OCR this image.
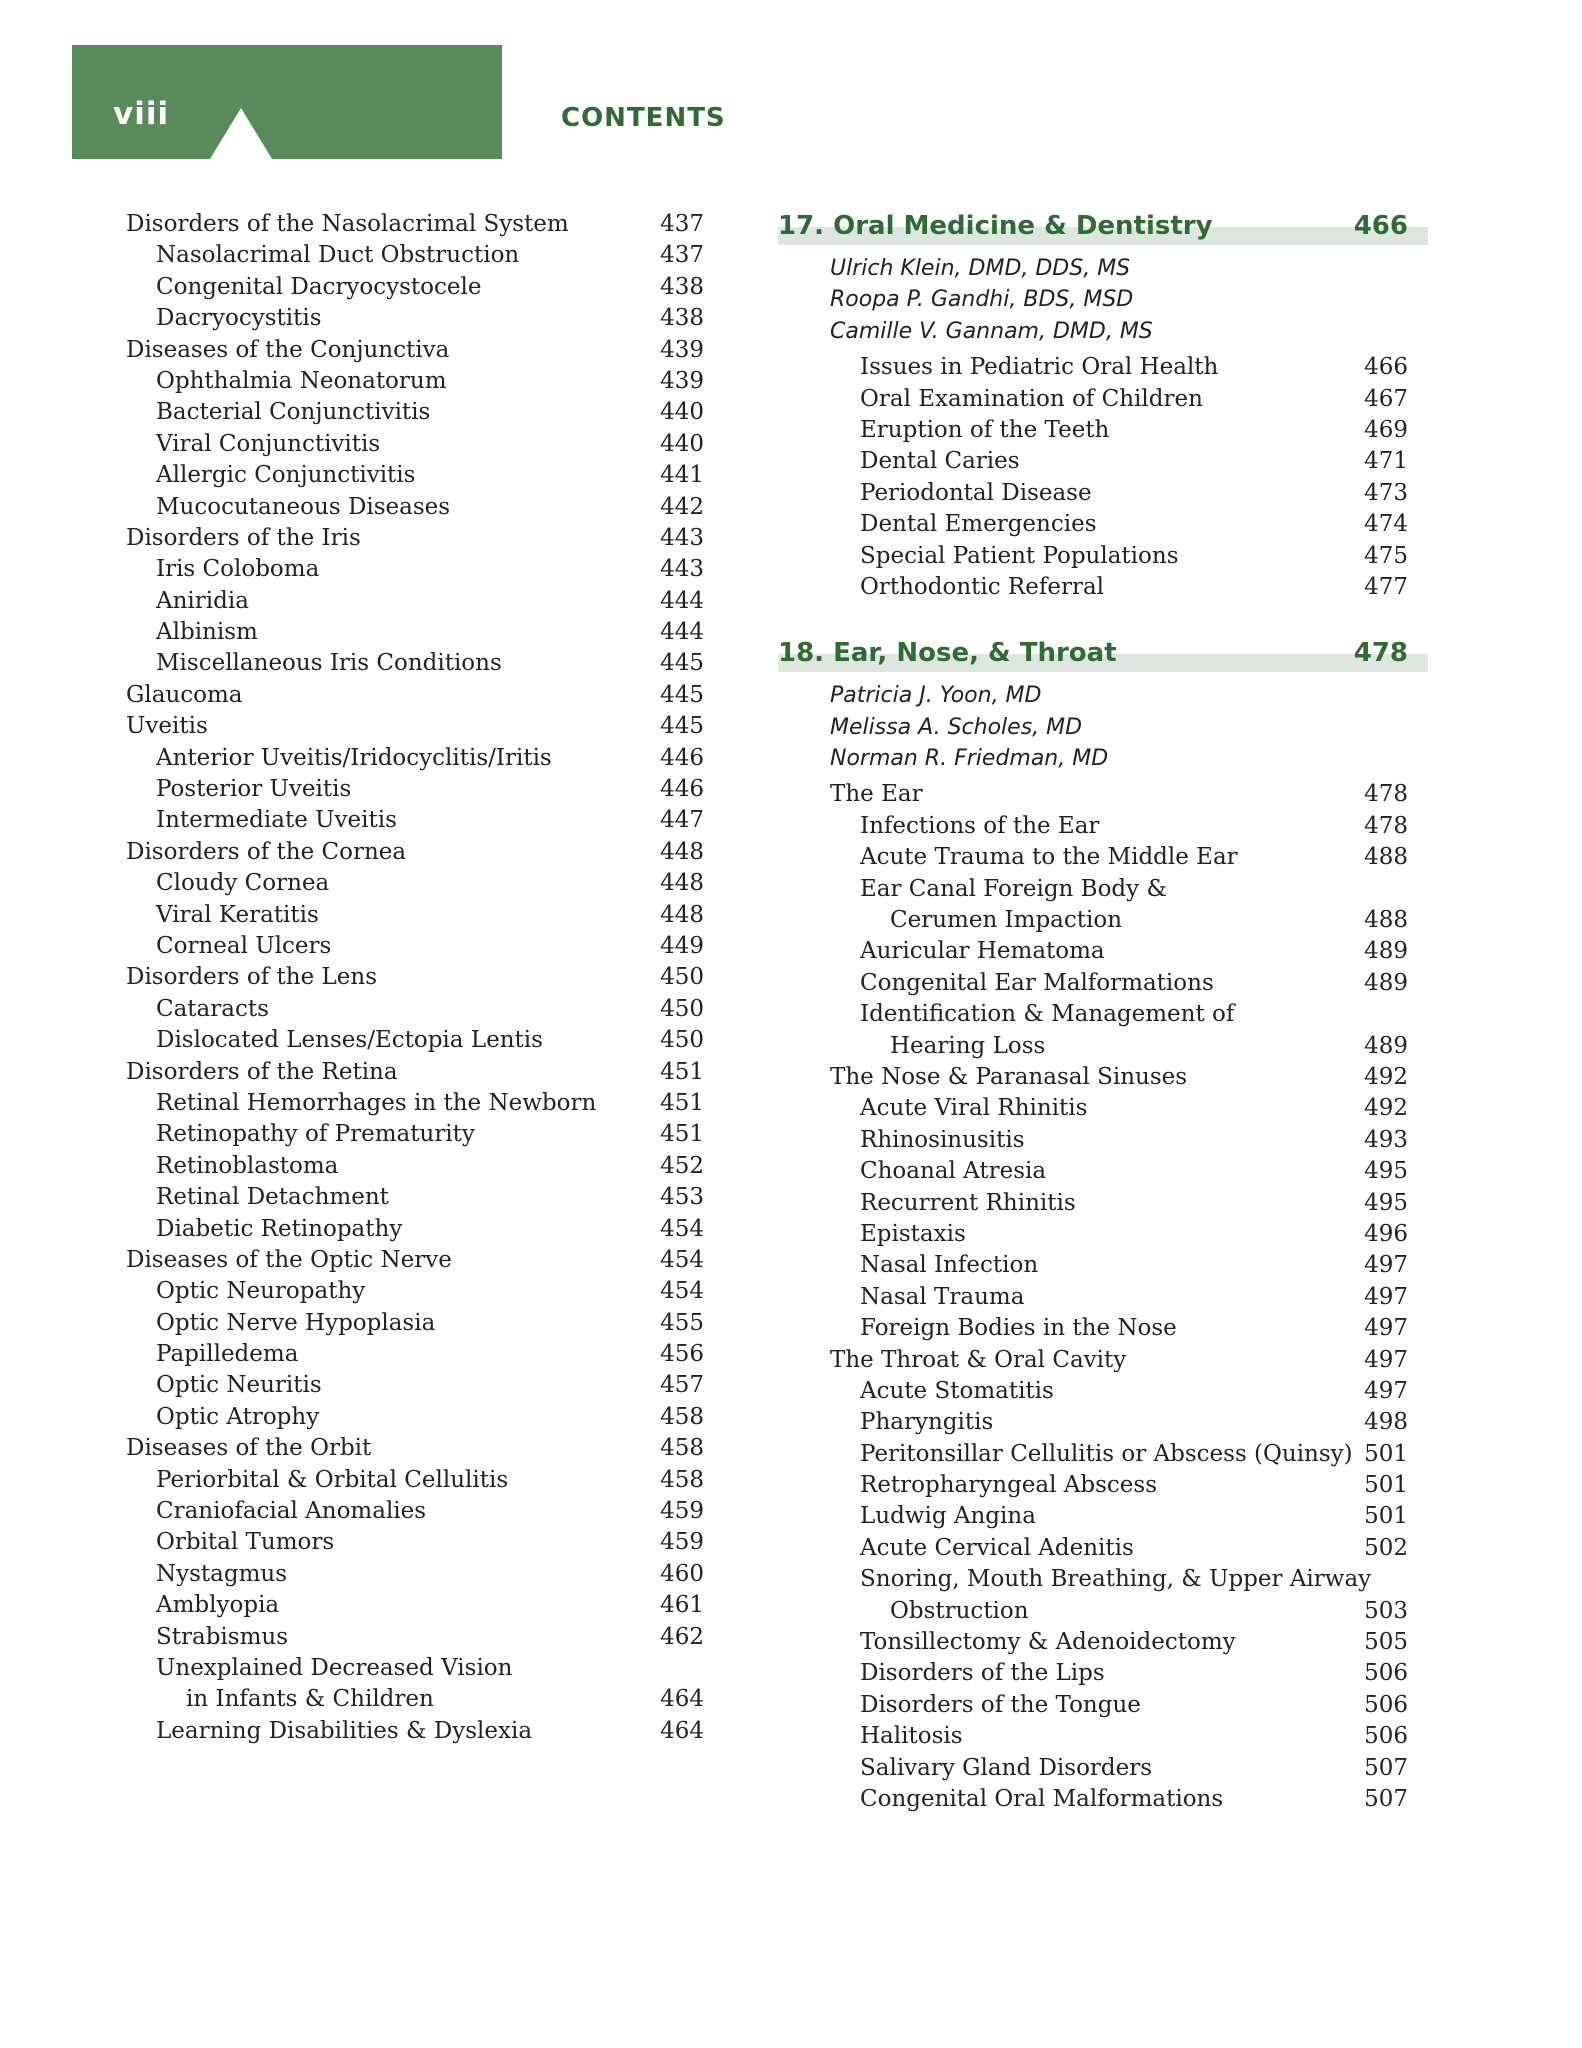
viii	CONTENTS
Disorders of the Nasolacrimal System	437
Nasolacrimal Duct Obstruction	437
Congenital Dacryocystocele	438
Dacryocystitis	438
Diseases of the Conjunctiva	439
Ophthalmia Neonatorum	439
Bacterial Conjunctivitis	440
Viral Conjunctivitis	440
Allergic Conjunctivitis	441
Mucocutaneous Diseases	442
Disorders of the Iris	443
Iris Coloboma	443
Aniridia	444
Albinism	444
Miscellaneous Iris Conditions	445
Glaucoma	445
Uveitis	445
Anterior Uveitis/Iridocyclitis/Iritis	446
Posterior Uveitis	446
Intermediate Uveitis	447
Disorders of the Cornea	448
Cloudy Cornea	448
Viral Keratitis	448
Corneal Ulcers	449
Disorders of the Lens	450
Cataracts	450
Dislocated Lenses/Ectopia Lentis	450
Disorders of the Retina	451
Retinal Hemorrhages in the Newborn	451
Retinopathy of Prematurity	451
Retinoblastoma	452
Retinal Detachment	453
Diabetic Retinopathy	454
Diseases of the Optic Nerve	454
Optic Neuropathy	454
Optic Nerve Hypoplasia	455
Papilledema	456
Optic Neuritis	457
Optic Atrophy	458
Diseases of the Orbit	458
Periorbital & Orbital Cellulitis	458
Craniofacial Anomalies	459
Orbital Tumors	459
Nystagmus	460
Amblyopia	461
Strabismus	462
Unexplained Decreased Vision
in Infants & Children	464
Learning Disabilities & Dyslexia	464
17. Oral Medicine & Dentistry	466
Ulrich Klein, DMD, DDS, MS
Roopa P. Gandhi, BDS, MSD
Camille V. Gannam, DMD, MS
Issues in Pediatric Oral Health	466
Oral Examination of Children	467
Eruption of the Teeth	469
Dental Caries	471
Periodontal Disease	473
Dental Emergencies	474
Special Patient Populations	475
Orthodontic Referral	477
18. Ear, Nose, & Throat	478
Patricia J. Yoon, MD
Melissa A. Scholes, MD
Norman R. Friedman, MD
The Ear	478
Infections of the Ear	478
Acute Trauma to the Middle Ear	488
Ear Canal Foreign Body &
Cerumen Impaction	488
Auricular Hematoma	489
Congenital Ear Malformations	489
Identification & Management of
Hearing Loss	489
The Nose & Paranasal Sinuses	492
Acute Viral Rhinitis	492
Rhinosinusitis	493
Choanal Atresia	495
Recurrent Rhinitis	495
Epistaxis	496
Nasal Infection	497
Nasal Trauma	497
Foreign Bodies in the Nose	497
The Throat & Oral Cavity	497
Acute Stomatitis	497
Pharyngitis	498
Peritonsillar Cellulitis or Abscess (Quinsy) 501
Retropharyngeal Abscess	501
Ludwig Angina	501
Acute Cervical Adenitis	502
Snoring, Mouth Breathing, & Upper Airway
Obstruction	503
Tonsillectomy & Adenoidectomy	505
Disorders of the Lips	506
Disorders of the Tongue	506
Halitosis	506
Salivary Gland Disorders	507
Congenital Oral Malformations	507
